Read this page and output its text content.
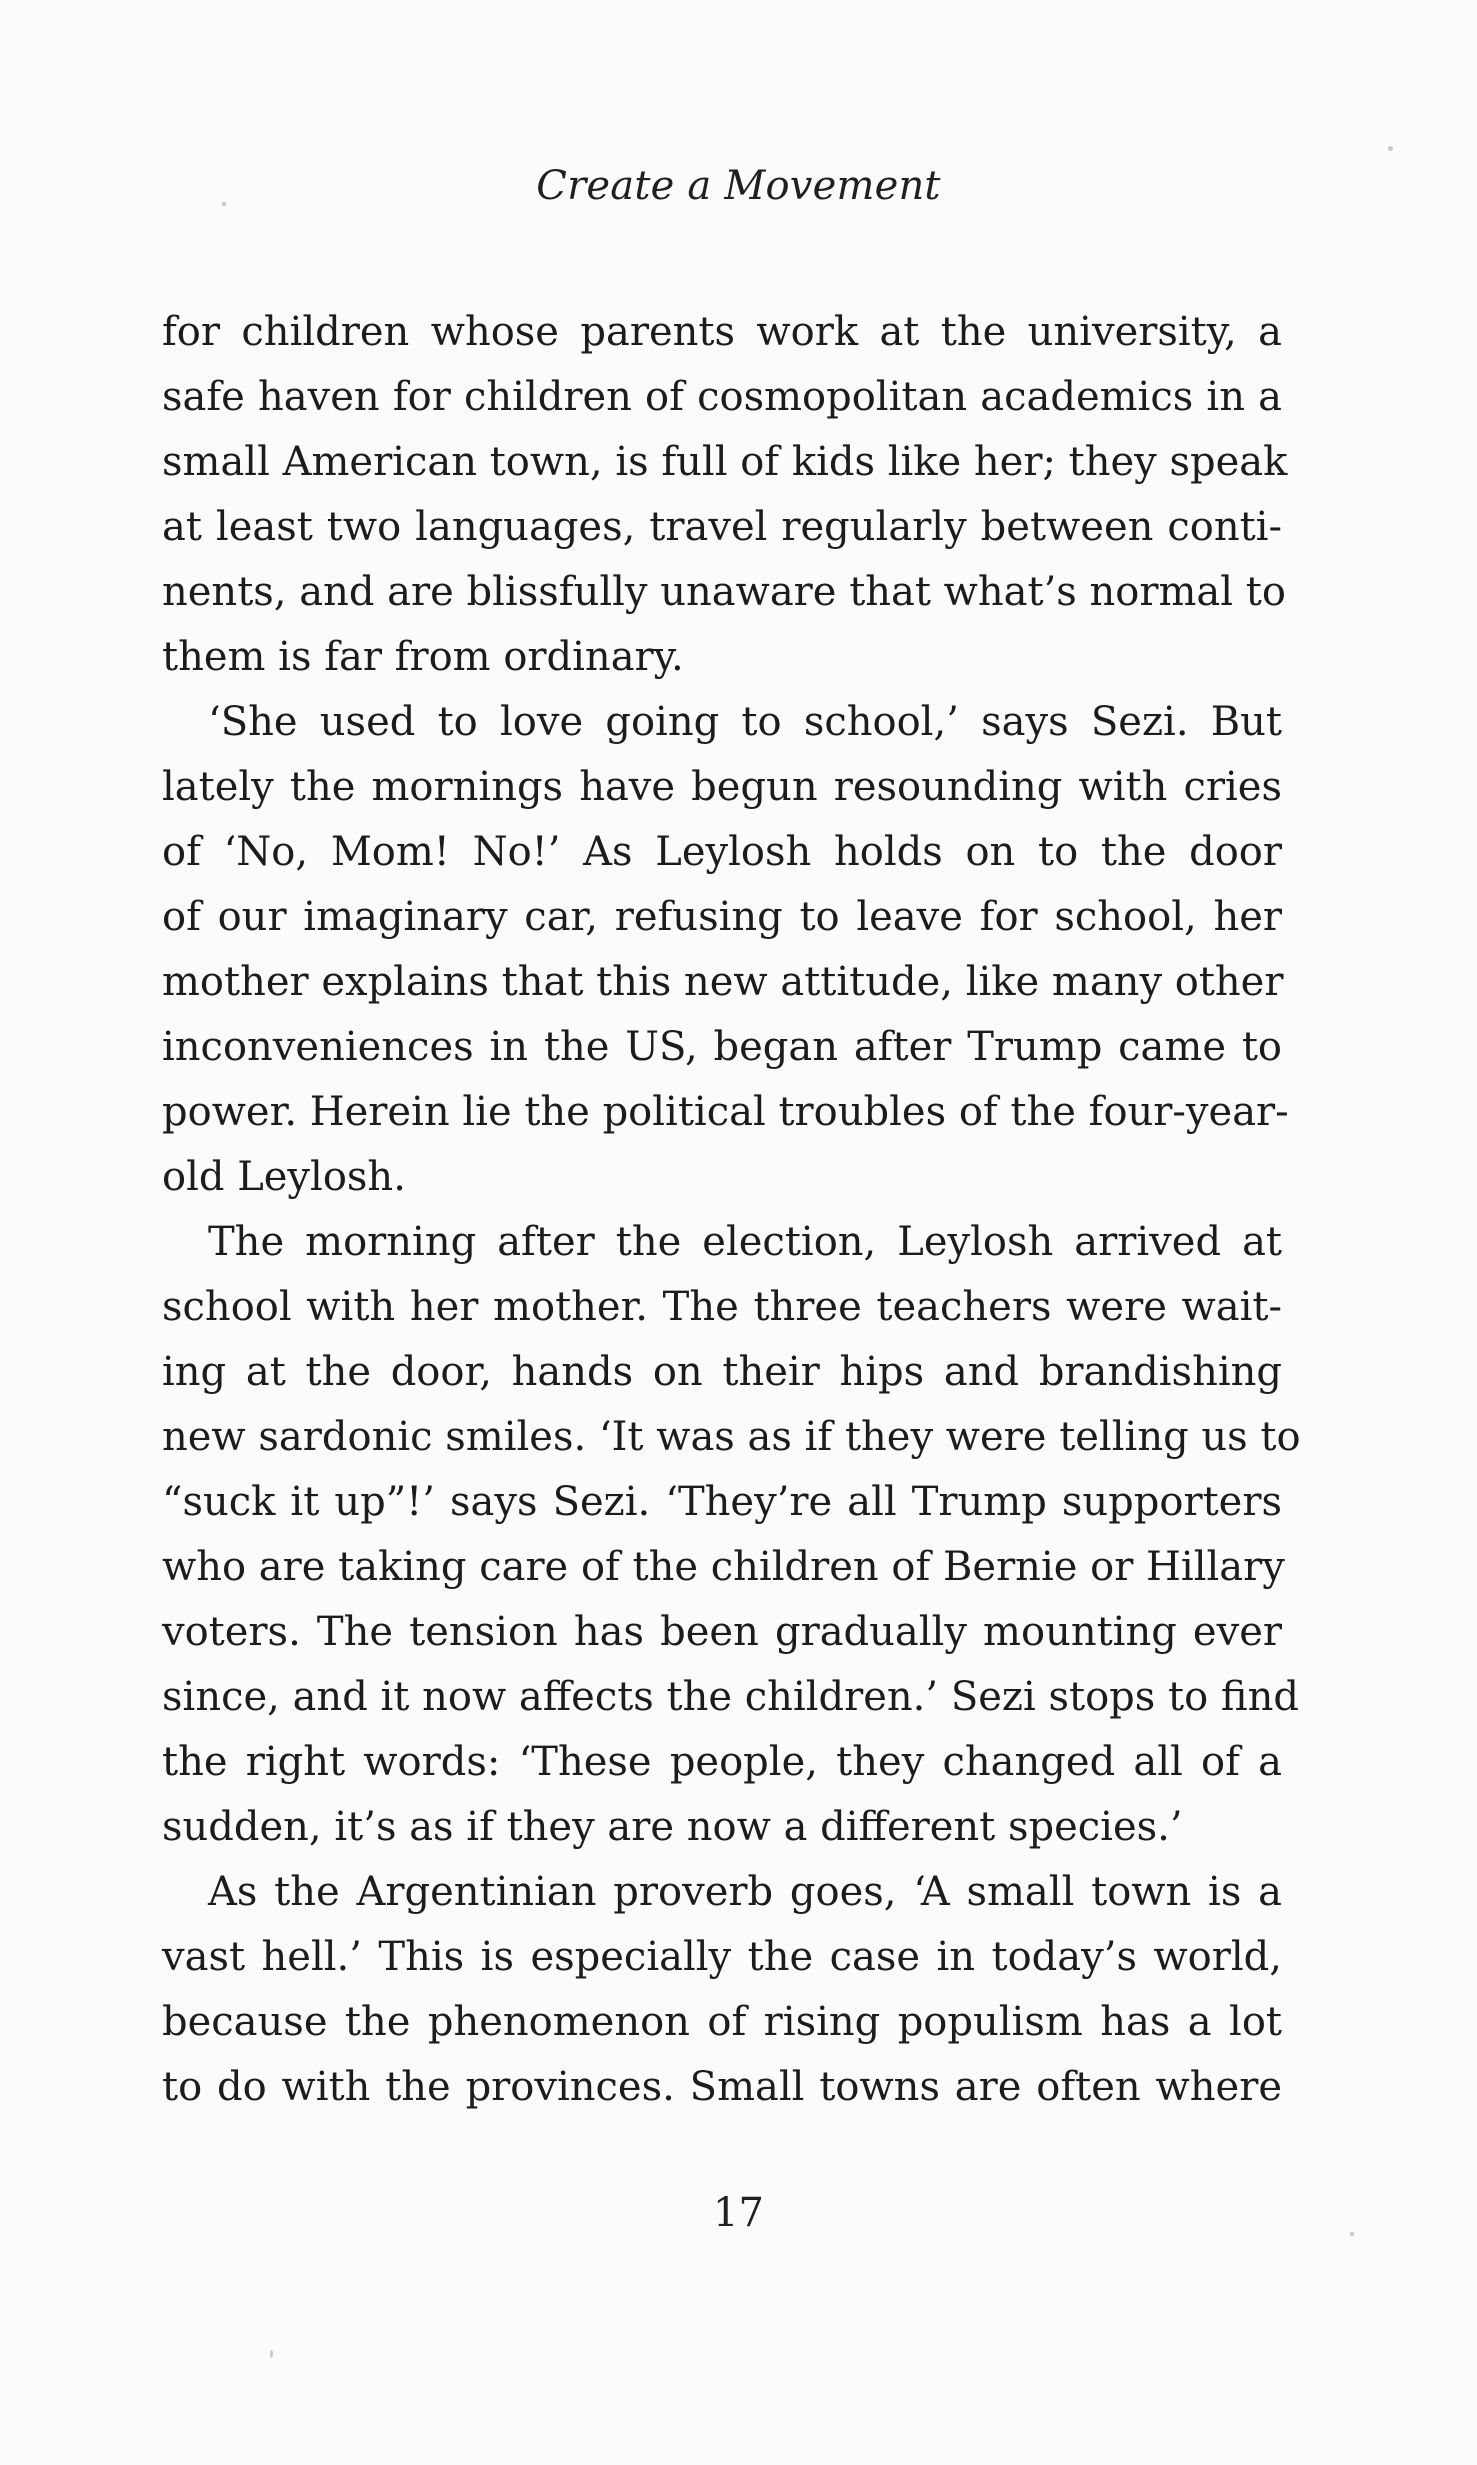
Create a Movement
for children whose parents work at the university, a
safe haven for children of cosmopolitan academics in a
small American town, is full of kids like her; they speak
at least two languages, travel regularly between conti-
nents, and are blissfully unaware that what’s normal to
them is far from ordinary.
‘She used to love going to school,’ says Sezi. But
lately the mornings have begun resounding with cries
of ‘No, Mom! No!’ As Leylosh holds on to the door
of our imaginary car, refusing to leave for school, her
mother explains that this new attitude, like many other
inconveniences in the US, began after Trump came to
power. Herein lie the political troubles of the four-year-
old Leylosh.
The morning after the election, Leylosh arrived at
school with her mother. The three teachers were wait-
ing at the door, hands on their hips and brandishing
new sardonic smiles. ‘It was as if they were telling us to
“suck it up”!’ says Sezi. ‘They’re all Trump supporters
who are taking care of the children of Bernie or Hillary
voters. The tension has been gradually mounting ever
since, and it now affects the children.’ Sezi stops to find
the right words: ‘These people, they changed all of a
sudden, it’s as if they are now a different species.’
As the Argentinian proverb goes, ‘A small town is a
vast hell.’ This is especially the case in today’s world,
because the phenomenon of rising populism has a lot
to do with the provinces. Small towns are often where
17
